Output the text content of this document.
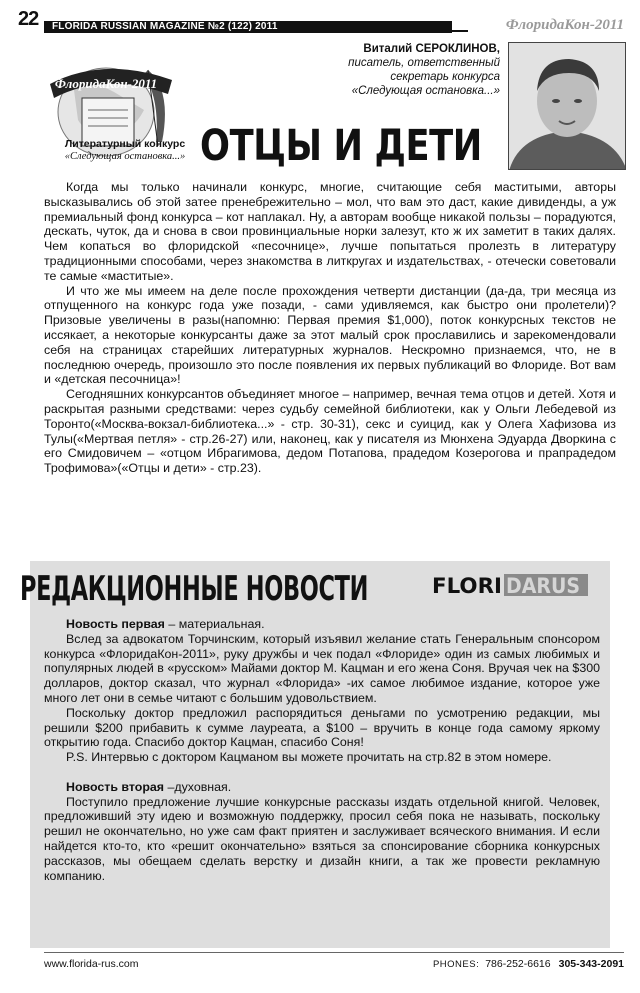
22	FLORIDA RUSSIAN MAGAZINE №2 (122) 2011	ФлоридаКон-2011
ФлоридаКон-2011
Литературный конкурс
«Следующая остановка...»
Виталий СЕРОКЛИНОВ,
писатель, ответственный
секретарь конкурса
«Следующая остановка...»
ОТЦЫ И ДЕТИ

Когда мы только начинали конкурс, многие, считающие себя маститыми, авторы высказывались об этой затее пренебрежительно – мол, что вам это даст, какие дивиденды, а уж премиальный фонд конкурса – кот наплакал. Ну, а авторам вообще никакой пользы – порадуются, дескать, чуток, да и снова в свои провинциальные норки залезут, кто ж их заметит в таких далях. Чем копаться во флоридской «песочнице», лучше попытаться пролезть в литературу традиционными способами, через знакомства в литкругах и издательствах, - отечески советовали те самые «маститые».

И что же мы имеем на деле после прохождения четверти дистанции (да-да, три месяца из отпущенного на конкурс года уже позади, - сами удивляемся, как быстро они пролетели)? Призовые увеличены в разы(напомню: Первая премия $1,000), поток конкурсных текстов не иссякает, а некоторые конкурсанты даже за этот малый срок прославились и зарекомендовали себя на страницах старейших литературных журналов. Нескромно признаемся, что, не в последнюю очередь, произошло это после появления их первых публикаций во Флориде. Вот вам и «детская песочница»!

Сегодняшних конкурсантов объединяет многое – например, вечная тема отцов и детей. Хотя и раскрытая разными средствами: через судьбу семейной библиотеки, как у Ольги Лебедевой из Торонто(«Москва-вокзал-библиотека...» - стр. 30-31), секс и суицид, как у Олега Хафизова из Тулы(«Мертвая петля» - стр.26-27) или, наконец, как у писателя из Мюнхена Эдуарда Дворкина с его Смидовичем – «отцом Ибрагимова, дедом Потапова, прадедом Козерогова и прапрадедом Трофимова»(«Отцы и дети» - стр.23).

РЕДАКЦИОННЫЕ НОВОСТИ	FLORI DARUS

Новость первая – материальная.

Вслед за адвокатом Торчинским, который изъявил желание стать Генеральным спонсором конкурса «ФлоридаКон-2011», руку дружбы и чек подал «Флориде» один из самых любимых и популярных людей в «русском» Майами доктор М. Кацман и его жена Соня. Вручая чек на $300 долларов, доктор сказал, что журнал «Флорида» -их самое любимое издание, которое уже много лет они в семье читают с большим удовольствием.

Поскольку доктор предложил распорядиться деньгами по усмотрению редакции, мы решили $200 прибавить к сумме лауреата, а $100 – вручить в конце года самому яркому открытию года. Спасибо доктор Кацман, спасибо Соня!

P.S. Интервью с доктором Кацманом вы можете прочитать на стр.82 в этом номере.

Новость вторая –духовная.

Поступило предложение лучшие конкурсные рассказы издать отдельной книгой. Человек, предложивший эту идею и возможную поддержку, просил себя пока не называть, поскольку решил не окончательно, но уже сам факт приятен и заслуживает всяческого внимания. И если найдется кто-то, кто «решит окончательно» взяться за спонсирование сборника конкурсных рассказов, мы обещаем сделать верстку и дизайн книги, а так же провести рекламную компанию.

www.florida-rus.com	PHONES: 786-252-6616 305-343-2091
